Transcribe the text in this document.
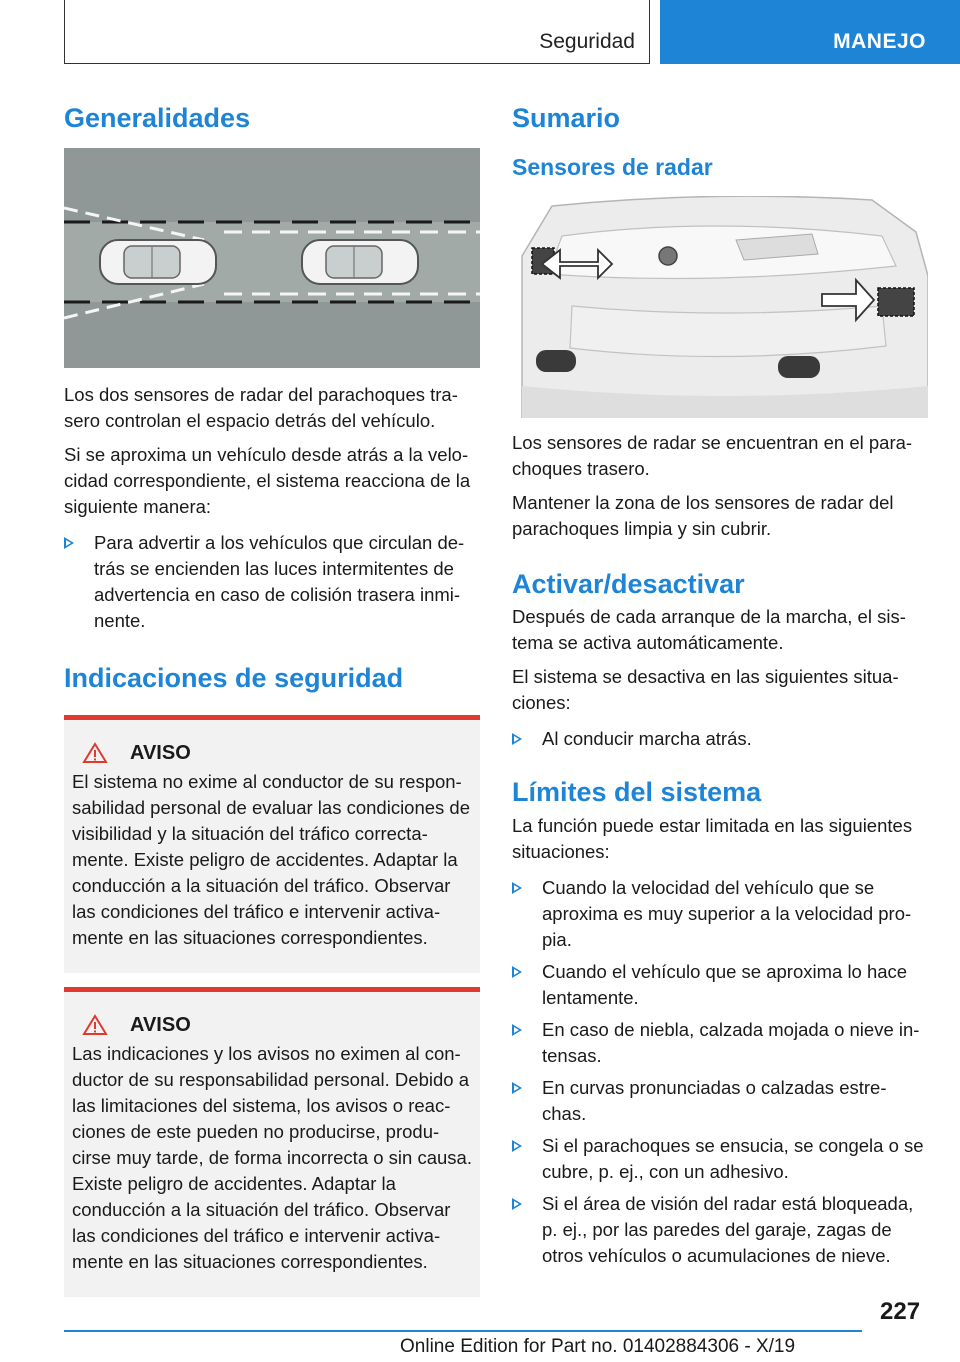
Seguridad	MANEJO
Generalidades

Los dos sensores de radar del parachoques tra-sero controlan el espacio detrás del vehículo.

Si se aproxima un vehículo desde atrás a la velo-cidad correspondiente, el sistema reacciona de la siguiente manera:

Para advertir a los vehículos que circulan de-trás se encienden las luces intermitentes de advertencia en caso de colisión trasera inmi-nente.
Indicaciones de seguridad
AVISO

El sistema no exime al conductor de su respon-sabilidad personal de evaluar las condiciones de visibilidad y la situación del tráfico correcta-mente. Existe peligro de accidentes. Adaptar la conducción a la situación del tráfico. Observar las condiciones del tráfico e intervenir activa-mente en las situaciones correspondientes.

AVISO

Las indicaciones y los avisos no eximen al con-ductor de su responsabilidad personal. Debido a las limitaciones del sistema, los avisos o reac-ciones de este pueden no producirse, produ-cirse muy tarde, de forma incorrecta o sin causa. Existe peligro de accidentes. Adaptar la conducción a la situación del tráfico. Observar las condiciones del tráfico e intervenir activa-mente en las situaciones correspondientes.

Sumario
Sensores de radar

Los sensores de radar se encuentran en el para-choques trasero.

Mantener la zona de los sensores de radar del parachoques limpia y sin cubrir.

Activar/desactivar

Después de cada arranque de la marcha, el sis-tema se activa automáticamente.

El sistema se desactiva en las siguientes situa-ciones:

Al conducir marcha atrás.
Límites del sistema

La función puede estar limitada en las siguientes situaciones:

Cuando la velocidad del vehículo que se aproxima es muy superior a la velocidad pro-pia.
Cuando el vehículo que se aproxima lo hace lentamente.
En caso de niebla, calzada mojada o nieve in-tensas.
En curvas pronunciadas o calzadas estre-chas.
Si el parachoques se ensucia, se congela o se cubre, p. ej., con un adhesivo.
Si el área de visión del radar está bloqueada, p. ej., por las paredes del garaje, zagas de otros vehículos o acumulaciones de nieve.
227
Online Edition for Part no. 01402884306 - X/19
